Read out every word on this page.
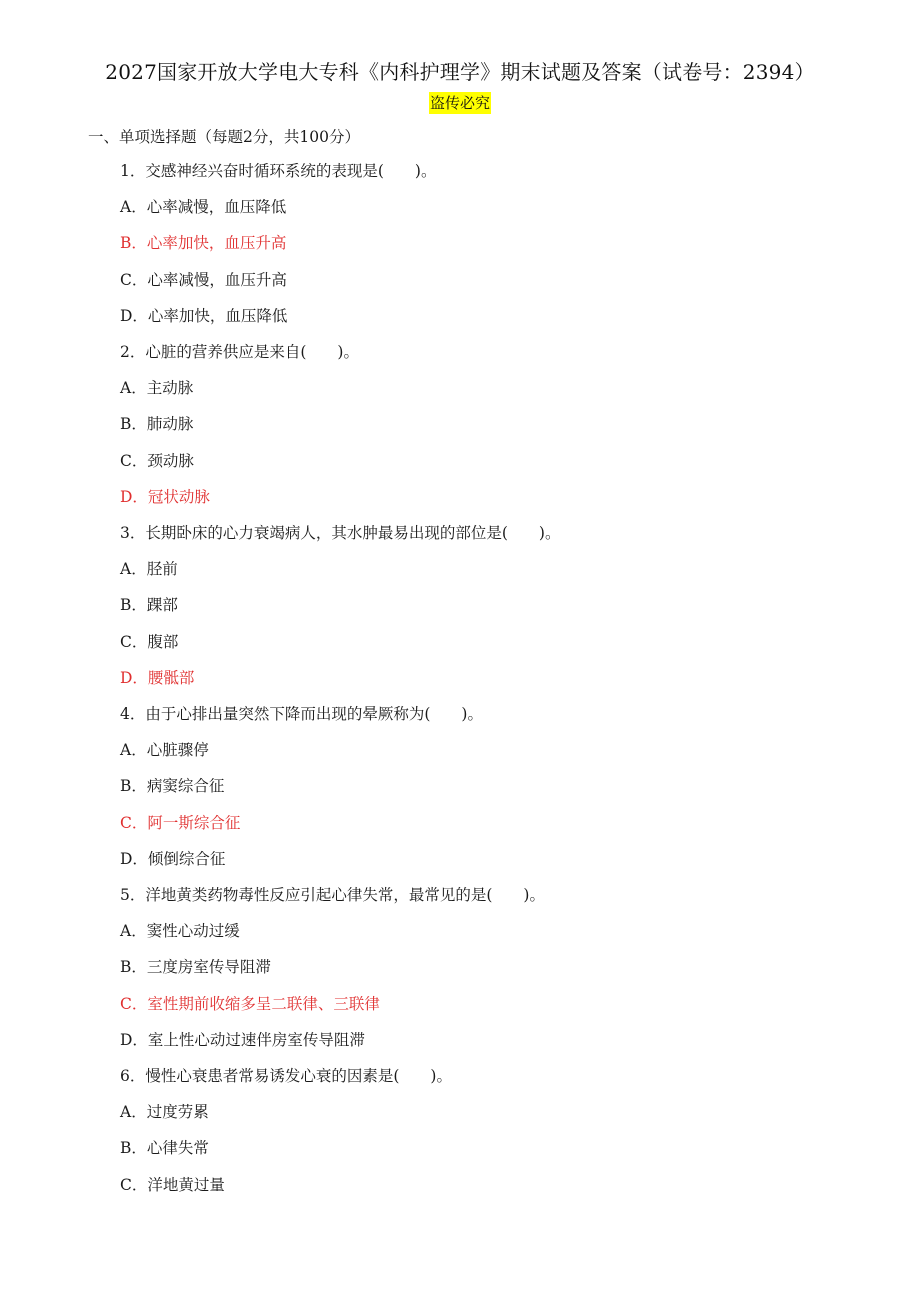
2027国家开放大学电大专科《内科护理学》期末试题及答案（试卷号：2394）
盗传必究
一、单项选择题（每题2分，共100分）
1．交感神经兴奋时循环系统的表现是(　　)。
A．心率减慢，血压降低
B．心率加快，血压升高
C．心率减慢，血压升高
D．心率加快，血压降低
2．心脏的营养供应是来自(　　)。
A．主动脉
B．肺动脉
C．颈动脉
D．冠状动脉
3．长期卧床的心力衰竭病人，其水肿最易出现的部位是(　　)。
A．胫前
B．踝部
C．腹部
D．腰骶部
4．由于心排出量突然下降而出现的晕厥称为(　　)。
A．心脏骤停
B．病窦综合征
C．阿一斯综合征
D．倾倒综合征
5．洋地黄类药物毒性反应引起心律失常，最常见的是(　　)。
A．窦性心动过缓
B．三度房室传导阻滞
C．室性期前收缩多呈二联律、三联律
D．室上性心动过速伴房室传导阻滞
6．慢性心衰患者常易诱发心衰的因素是(　　)。
A．过度劳累
B．心律失常
C．洋地黄过量
